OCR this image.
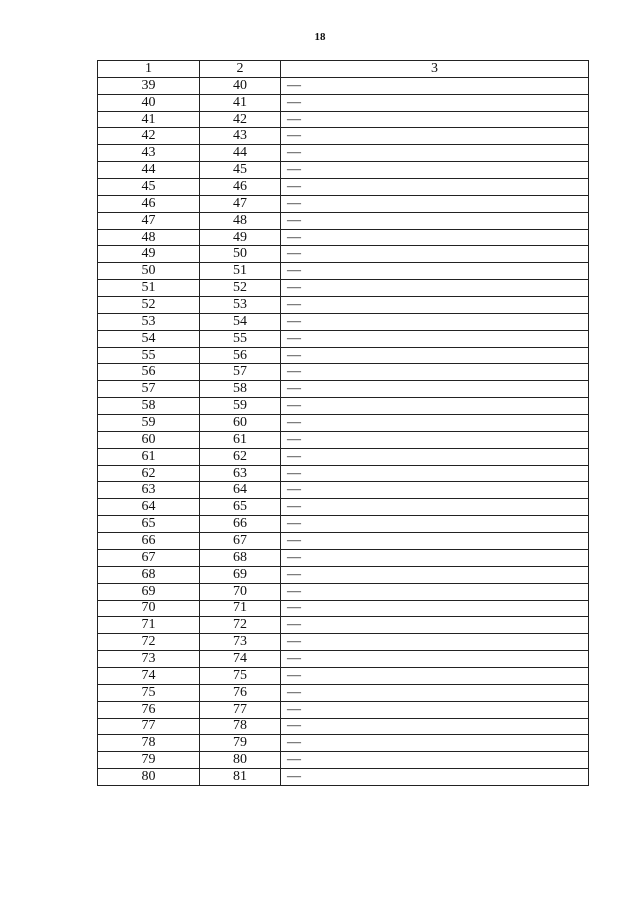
18
1	2	3
39	40	—
40	41	—
41	42	—
42	43	—
43	44	—
44	45	—
45	46	—
46	47	—
47	48	—
48	49	—
49	50	—
50	51	—
51	52	—
52	53	—
53	54	—
54	55	—
55	56	—
56	57	—
57	58	—
58	59	—
59	60	—
60	61	—
61	62	—
62	63	—
63	64	—
64	65	—
65	66	—
66	67	—
67	68	—
68	69	—
69	70	—
70	71	—
71	72	—
72	73	—
73	74	—
74	75	—
75	76	—
76	77	—
77	78	—
78	79	—
79	80	—
80	81	—
